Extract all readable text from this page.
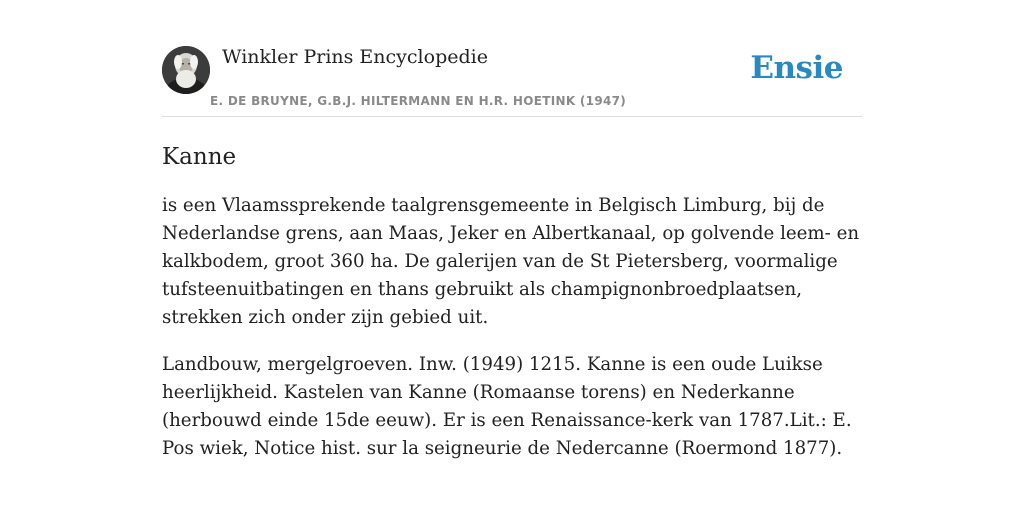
Winkler Prins Encyclopedie
E. DE BRUYNE, G.B.J. HILTERMANN EN H.R. HOETINK (1947)
Ensie
Kanne

is een Vlaamssprekende taalgrensgemeente in Belgisch Limburg, bij de Nederlandse grens, aan Maas, Jeker en Albertkanaal, op golvende leem- en kalkbodem, groot 360 ha. De galerijen van de St Pietersberg, voormalige tufsteenuitbatingen en thans gebruikt als champignonbroedplaatsen, strekken zich onder zijn gebied uit.

Landbouw, mergelgroeven. Inw. (1949) 1215. Kanne is een oude Luikse heerlijkheid. Kastelen van Kanne (Romaanse torens) en Nederkanne (herbouwd einde 15de eeuw). Er is een Renaissance-kerk van 1787.Lit.: E. Pos wiek, Notice hist. sur la seigneurie de Nedercanne (Roermond 1877).
